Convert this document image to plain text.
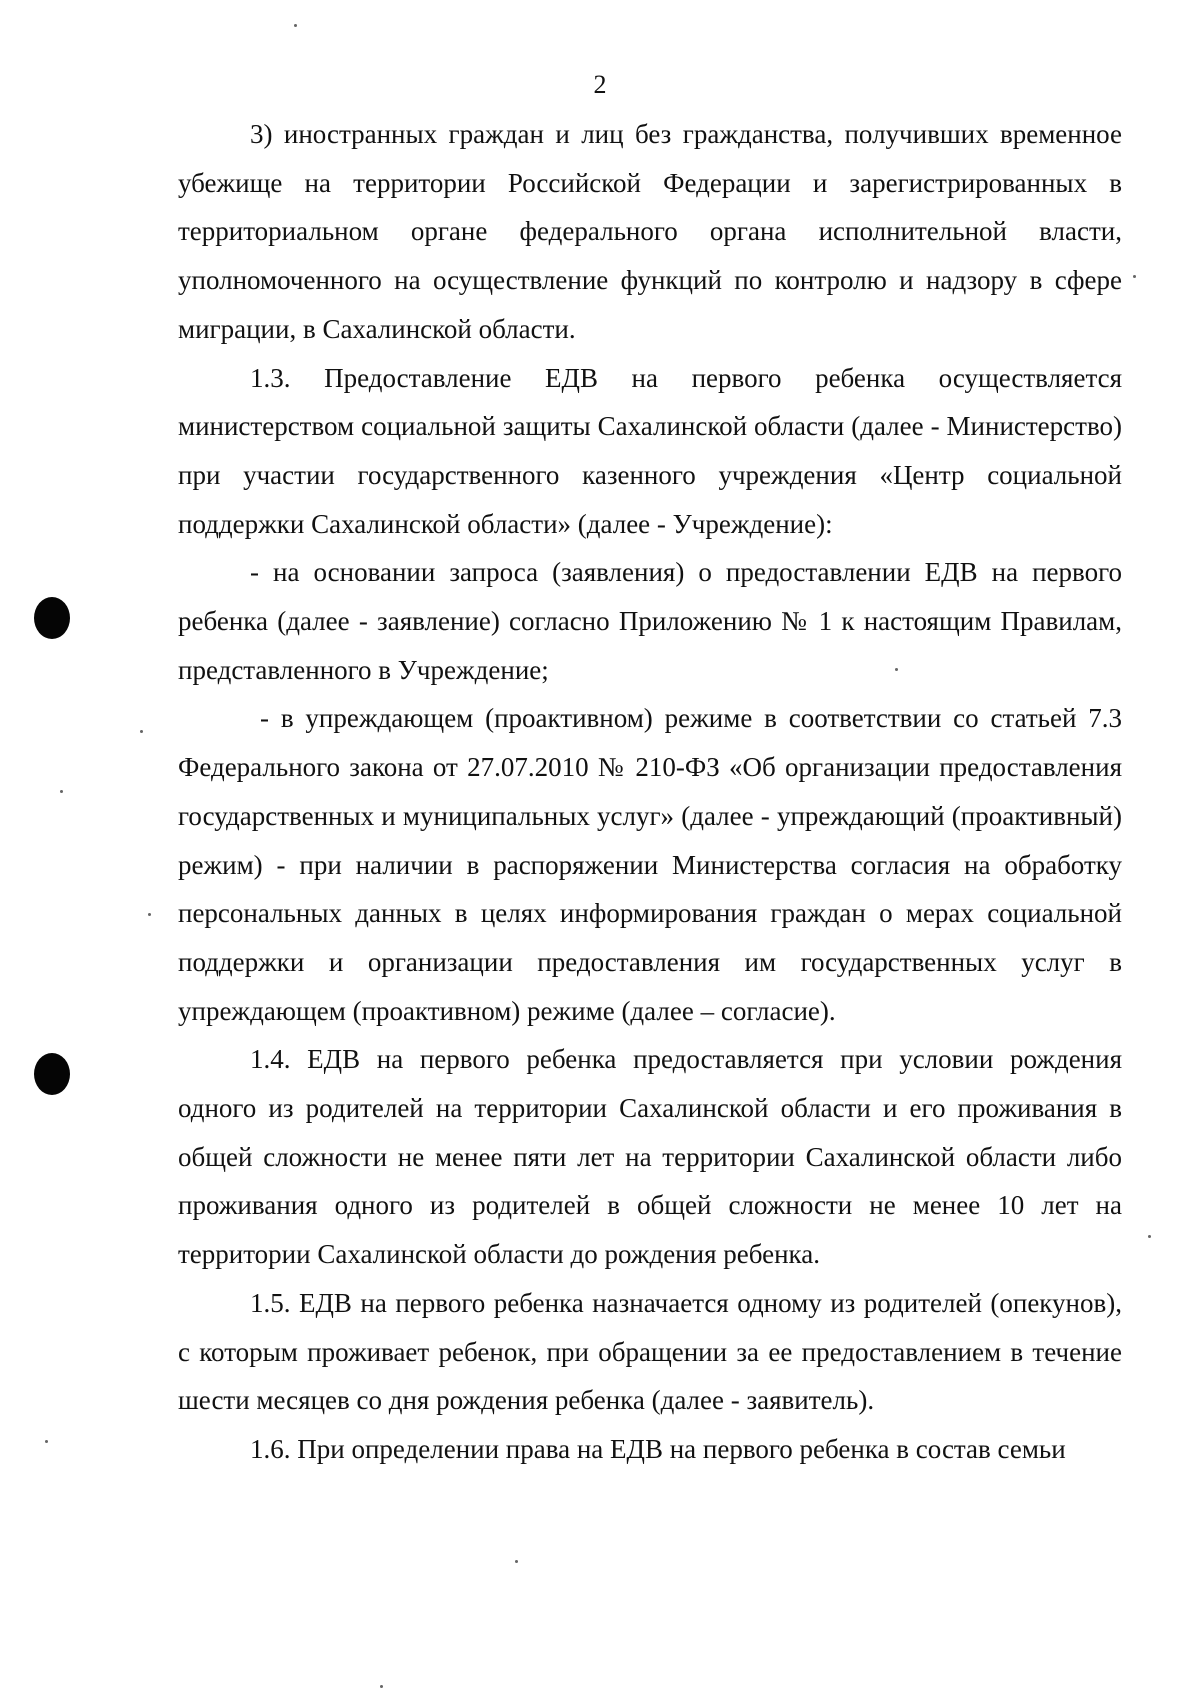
2

3) иностранных граждан и лиц без гражданства, получивших временное убежище на территории Российской Федерации и зарегистрированных в территориальном органе федерального органа исполнительной власти, уполномоченного на осуществление функций по контролю и надзору в сфере миграции, в Сахалинской области.

1.3. Предоставление ЕДВ на первого ребенка осуществляется министерством социальной защиты Сахалинской области (далее - Министерство) при участии государственного казенного учреждения «Центр социальной поддержки Сахалинской области» (далее - Учреждение):

- на основании запроса (заявления) о предоставлении ЕДВ на первого ребенка (далее - заявление) согласно Приложению № 1 к настоящим Правилам, представленного в Учреждение;

- в упреждающем (проактивном) режиме в соответствии со статьей 7.3 Федерального закона от 27.07.2010 № 210-ФЗ «Об организации предоставления государственных и муниципальных услуг» (далее - упреждающий (проактивный) режим) - при наличии в распоряжении Министерства согласия на обработку персональных данных в целях информирования граждан о мерах социальной поддержки и организации предоставления им государственных услуг в упреждающем (проактивном) режиме (далее – согласие).

1.4. ЕДВ на первого ребенка предоставляется при условии рождения одного из родителей на территории Сахалинской области и его проживания в общей сложности не менее пяти лет на территории Сахалинской области либо проживания одного из родителей в общей сложности не менее 10 лет на территории Сахалинской области до рождения ребенка.

1.5. ЕДВ на первого ребенка назначается одному из родителей (опекунов), с которым проживает ребенок, при обращении за ее предоставлением в течение шести месяцев со дня рождения ребенка (далее - заявитель).

1.6. При определении права на ЕДВ на первого ребенка в состав семьи
